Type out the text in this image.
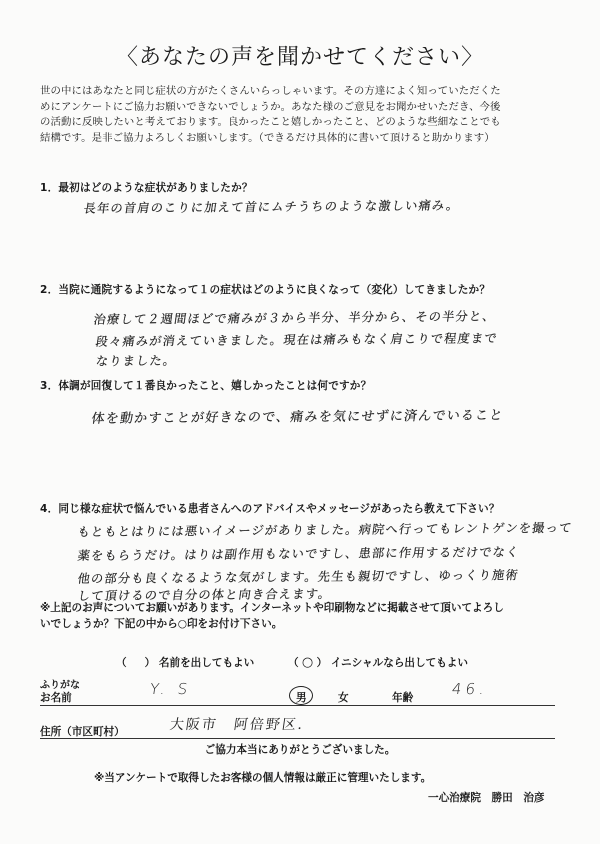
〈あなたの声を聞かせてください〉
世の中にはあなたと同じ症状の方がたくさんいらっしゃいます。その方達によく知っていただくた
めにアンケートにご協力お願いできないでしょうか。あなた様のご意見をお聞かせいただき、今後
の活動に反映したいと考えております。良かったこと嬉しかったこと、どのような些細なことでも
結構です。是非ご協力よろしくお願いします。（できるだけ具体的に書いて頂けると助かります）
1．最初はどのような症状がありましたか？
長年の首肩のこりに加えて首にムチうちのような激しい痛み。
2．当院に通院するようになって１の症状はどのように良くなって（変化）してきましたか？
治療して２週間ほどで痛みが３から半分、半分から、その半分と、
段々痛みが消えていきました。現在は痛みもなく肩こりで程度まで
なりました。
3．体調が回復して１番良かったこと、嬉しかったことは何ですか？
体を動かすことが好きなので、痛みを気にせずに済んでいること
4．同じ様な症状で悩んでいる患者さんへのアドバイスやメッセージがあったら教えて下さい？
もともとはりには悪いイメージがありました。病院へ行ってもレントゲンを撮って
薬をもらうだけ。はりは副作用もないですし、患部に作用するだけでなく
他の部分も良くなるような気がします。先生も親切ですし、ゆっくり施術
して頂けるので自分の体と向き合えます。
※上記のお声についてお願いがあります。インターネットや印刷物などに掲載させて頂いてよろし
いでしょうか？下記の中から○印をお付け下さい。
（ ） 名前を出してもよい	（ ○ ） イニシャルなら出してもよい
ふりがな
お名前	Y. S	男	女	年齢	46.
住所（市区町村）	大阪市　阿倍野区．
ご協力本当にありがとうございました。
※当アンケートで取得したお客様の個人情報は厳正に管理いたします。
一心治療院　勝田　治彦
